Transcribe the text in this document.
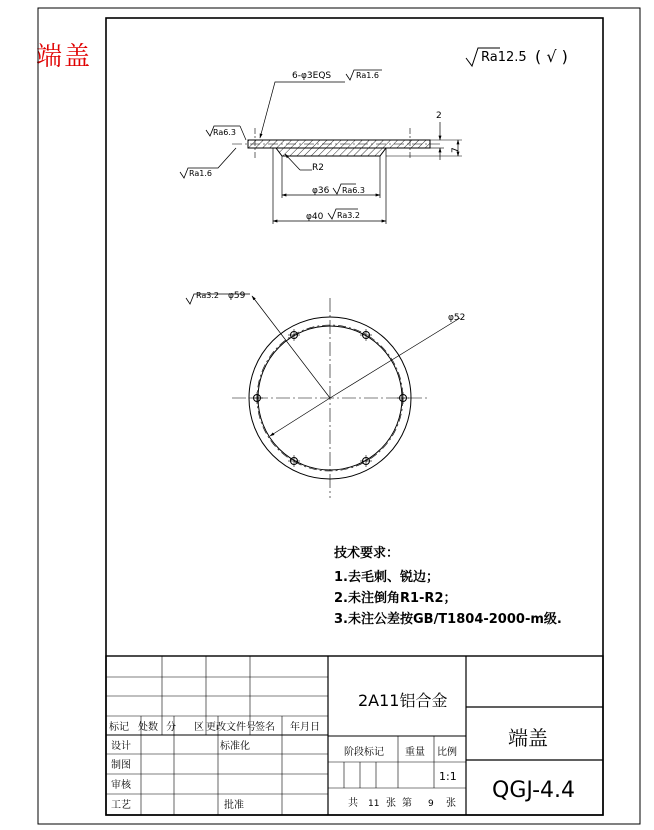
端盖	Ra12.5 ( √ )
φ36 Ra6.3
φ40 Ra3.2
R2
6-φ3EQS	Ra1.6
Ra6.3
Ra1.6
2
7
Ra3.2 φ59
φ52
2A11铝合金
端盖
QGJ-4.4
标记 处数 分 区 更改文件号 签名 年月日
设计
制图
审核
工艺
标准化
批准
阶段标记 重量 比例
1:1
共 11 张 第 9 张
技术要求：
1.去毛刺、锐边；
2.未注倒角R1-R2；
3.未注公差按GB/T1804-2000-m级.
